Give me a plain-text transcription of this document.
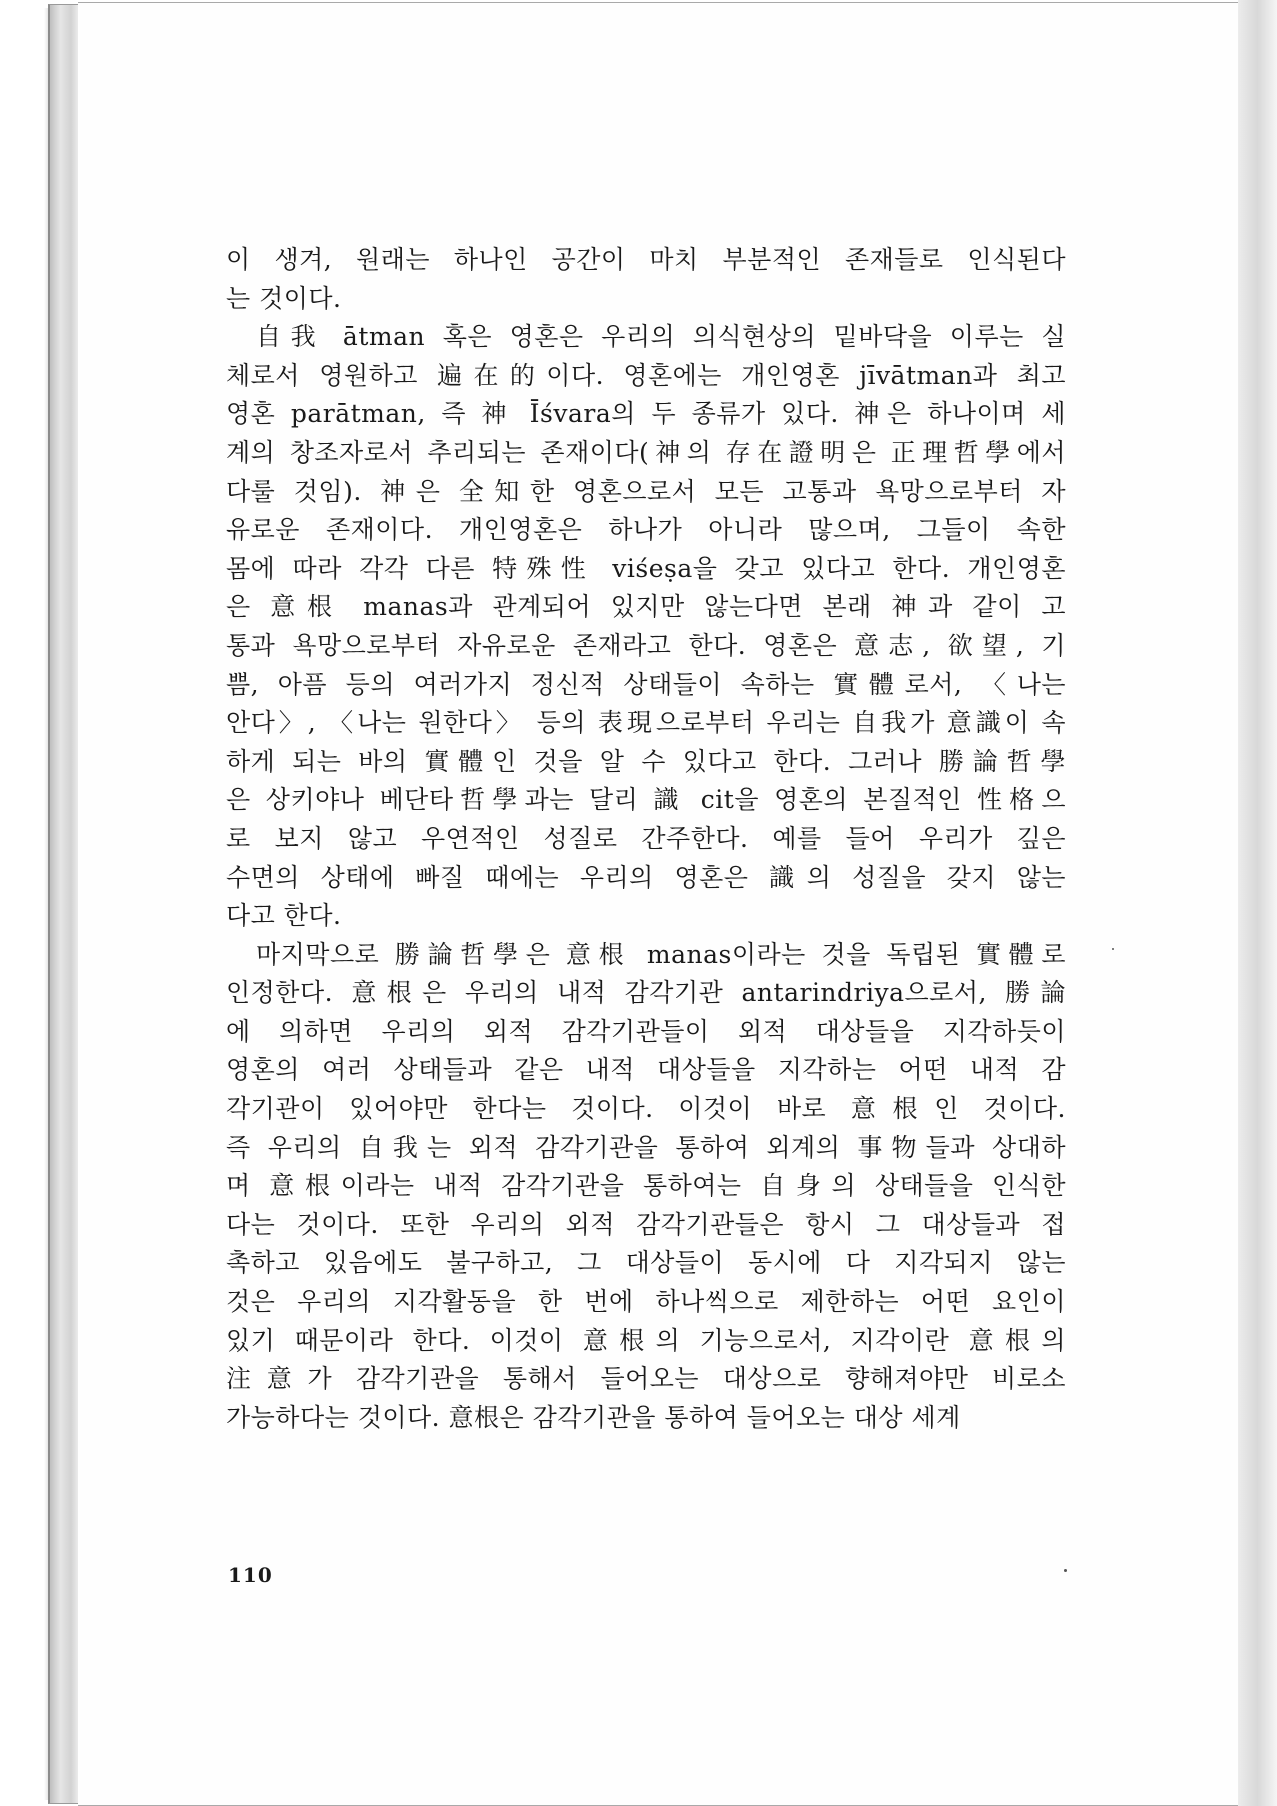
이 생겨, 원래는 하나인 공간이 마치 부분적인 존재들로 인식된다
는 것이다.
自我 ātman 혹은 영혼은 우리의 의식현상의 밑바닥을 이루는 실
체로서 영원하고 遍在的이다. 영혼에는 개인영혼 jīvātman과 최고
영혼 parātman, 즉 神 Īśvara의 두 종류가 있다. 神은 하나이며 세
계의 창조자로서 추리되는 존재이다(神의 存在證明은 正理哲學에서
다룰 것임). 神은 全知한 영혼으로서 모든 고통과 욕망으로부터 자
유로운 존재이다. 개인영혼은 하나가 아니라 많으며, 그들이 속한
몸에 따라 각각 다른 特殊性 viśeṣa을 갖고 있다고 한다. 개인영혼
은 意根 manas과 관계되어 있지만 않는다면 본래 神과 같이 고
통과 욕망으로부터 자유로운 존재라고 한다. 영혼은 意志, 欲望, 기
쁨, 아픔 등의 여러가지 정신적 상태들이 속하는 實體로서, 〈나는
안다〉, 〈나는 원한다〉 등의 表現으로부터 우리는 自我가 意識이 속
하게 되는 바의 實體인 것을 알 수 있다고 한다. 그러나 勝論哲學
은 상키야나 베단타哲學과는 달리 識 cit을 영혼의 본질적인 性格으
로 보지 않고 우연적인 성질로 간주한다. 예를 들어 우리가 깊은
수면의 상태에 빠질 때에는 우리의 영혼은 識의 성질을 갖지 않는
다고 한다.
마지막으로 勝論哲學은 意根 manas이라는 것을 독립된 實體로
인정한다. 意根은 우리의 내적 감각기관 antarindriya으로서, 勝論
에 의하면 우리의 외적 감각기관들이 외적 대상들을 지각하듯이
영혼의 여러 상태들과 같은 내적 대상들을 지각하는 어떤 내적 감
각기관이 있어야만 한다는 것이다. 이것이 바로 意根인 것이다.
즉 우리의 自我는 외적 감각기관을 통하여 외계의 事物들과 상대하
며 意根이라는 내적 감각기관을 통하여는 自身의 상태들을 인식한
다는 것이다. 또한 우리의 외적 감각기관들은 항시 그 대상들과 접
촉하고 있음에도 불구하고, 그 대상들이 동시에 다 지각되지 않는
것은 우리의 지각활동을 한 번에 하나씩으로 제한하는 어떤 요인이
있기 때문이라 한다. 이것이 意根의 기능으로서, 지각이란 意根의
注意가 감각기관을 통해서 들어오는 대상으로 향해져야만 비로소
가능하다는 것이다. 意根은 감각기관을 통하여 들어오는 대상 세계
110
